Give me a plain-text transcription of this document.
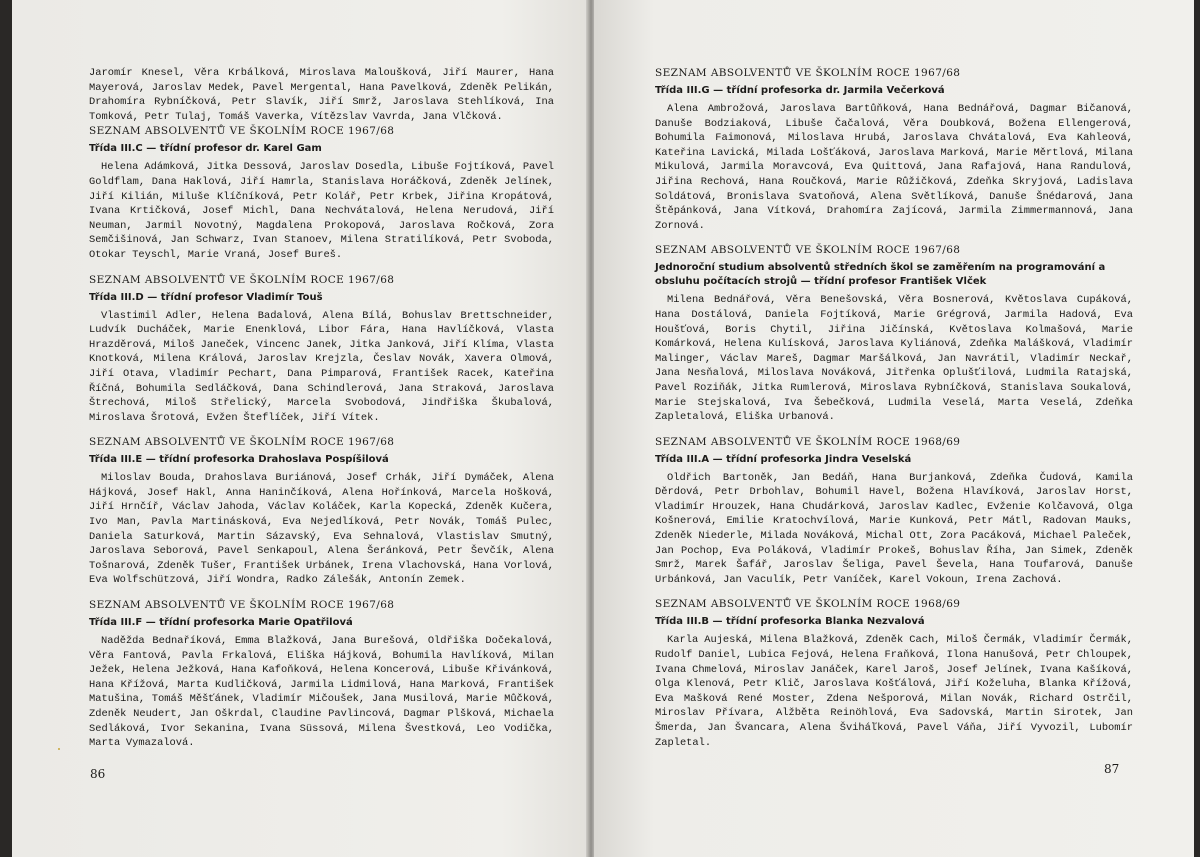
Jaromír Knesel, Věra Krbálková, Miroslava Maloušková, Jiří Maurer, Hana Mayerová, Jaroslav Medek, Pavel Mergental, Hana Pavelková, Zdeněk Pelikán, Drahomíra Rybníčková, Petr Slavík, Jiří Smrž, Jaroslava Stehlíková, Ina Tomková, Petr Tulaj, Tomáš Vaverka, Vítězslav Vavrda, Jana Vlčková.

SEZNAM ABSOLVENTŮ VE ŠKOLNÍM ROCE 1967/68

Třída III.C — třídní profesor dr. Karel Gam

Helena Adámková, Jitka Dessová, Jaroslav Dosedla, Libuše Fojtíková, Pavel Goldflam, Dana Haklová, Jiří Hamrla, Stanislava Horáčková, Zdeněk Jelínek, Jiří Kilián, Miluše Klíčníková, Petr Kolář, Petr Krbek, Jiřina Kropátová, Ivana Krtičková, Josef Michl, Dana Nechvátalová, Helena Nerudová, Jiří Neuman, Jarmil Novotný, Magdalena Prokopová, Jaroslava Ročková, Zora Semčišinová, Jan Schwarz, Ivan Stanoev, Milena Stratilíková, Petr Svoboda, Otokar Teyschl, Marie Vraná, Josef Bureš.

SEZNAM ABSOLVENTŮ VE ŠKOLNÍM ROCE 1967/68

Třída III.D — třídní profesor Vladimír Touš

Vlastimil Adler, Helena Badalová, Alena Bílá, Bohuslav Brettschneider, Ludvík Ducháček, Marie Enenklová, Libor Fára, Hana Havlíčková, Vlasta Hrazděrová, Miloš Janeček, Vincenc Janek, Jitka Janková, Jiří Klíma, Vlasta Knotková, Milena Králová, Jaroslav Krejzla, Česlav Novák, Xavera Olmová, Jiří Otava, Vladimír Pechart, Dana Pimparová, František Racek, Kateřina Říčná, Bohumila Sedláčková, Dana Schindlerová, Jana Straková, Jaroslava Štrechová, Miloš Střelický, Marcela Svobodová, Jindřiška Škubalová, Miroslava Šrotová, Evžen Šteflíček, Jiří Vítek.

SEZNAM ABSOLVENTŮ VE ŠKOLNÍM ROCE 1967/68

Třída III.E — třídní profesorka Drahoslava Pospíšilová

Miloslav Bouda, Drahoslava Buriánová, Josef Crhák, Jiří Dymáček, Alena Hájková, Josef Hakl, Anna Haninčíková, Alena Hořínková, Marcela Hošková, Jiří Hrnčíř, Václav Jahoda, Václav Koláček, Karla Kopecká, Zdeněk Kučera, Ivo Man, Pavla Martinásková, Eva Nejedlíková, Petr Novák, Tomáš Pulec, Daniela Saturková, Martin Sázavský, Eva Sehnalová, Vlastislav Smutný, Jaroslava Seborová, Pavel Senkapoul, Alena Šeránková, Petr Ševčík, Alena Tošnarová, Zdeněk Tušer, František Urbánek, Irena Vlachovská, Hana Vorlová, Eva Wolfschützová, Jiří Wondra, Radko Zálešák, Antonín Zemek.

SEZNAM ABSOLVENTŮ VE ŠKOLNÍM ROCE 1967/68

Třída III.F — třídní profesorka Marie Opatřilová

Naděžda Bednaříková, Emma Blažková, Jana Burešová, Oldřiška Dočekalová, Věra Fantová, Pavla Frkalová, Eliška Hájková, Bohumila Havlíková, Milan Ježek, Helena Ježková, Hana Kafoňková, Helena Koncerová, Libuše Křivánková, Hana Křížová, Marta Kudličková, Jarmila Lidmilová, Hana Marková, František Matušina, Tomáš Měšťánek, Vladimír Mičoušek, Jana Musilová, Marie Můčková, Zdeněk Neudert, Jan Oškrdal, Claudine Pavlincová, Dagmar Plšková, Michaela Sedláková, Ivor Sekanina, Ivana Süssová, Milena Švestková, Leo Vodička, Marta Vymazalová.

86

SEZNAM ABSOLVENTŮ VE ŠKOLNÍM ROCE 1967/68

Třída III.G — třídní profesorka dr. Jarmila Večerková

Alena Ambrožová, Jaroslava Bartůňková, Hana Bednářová, Dagmar Bičanová, Danuše Bodziaková, Libuše Čačalová, Věra Doubková, Božena Ellengerová, Bohumila Faimonová, Miloslava Hrubá, Jaroslava Chvátalová, Eva Kahleová, Kateřina Lavická, Milada Lošťáková, Jaroslava Marková, Marie Měrtlová, Milana Mikulová, Jarmila Moravcová, Eva Quittová, Jana Rafajová, Hana Randulová, Jiřina Rechová, Hana Roučková, Marie Růžičková, Zdeňka Skryjová, Ladislava Soldátová, Bronislava Svatoňová, Alena Světlíková, Danuše Šnédarová, Jana Štěpánková, Jana Vítková, Drahomíra Zajícová, Jarmila Zimmermannová, Jana Zornová.

SEZNAM ABSOLVENTŮ VE ŠKOLNÍM ROCE 1967/68

Jednoroční studium absolventů středních škol se zaměřením na programování a obsluhu počítacích strojů — třídní profesor František Vlček

Milena Bednářová, Věra Benešovská, Věra Bosnerová, Květoslava Cupáková, Hana Dostálová, Daniela Fojtíková, Marie Grégrová, Jarmila Hadová, Eva Houšťová, Boris Chytil, Jiřina Jičínská, Květoslava Kolmašová, Marie Komárková, Helena Kulísková, Jaroslava Kyliánová, Zdeňka Malášková, Vladimír Malinger, Václav Mareš, Dagmar Maršálková, Jan Navrátil, Vladimír Neckař, Jana Nesňalová, Miloslava Nováková, Jitřenka Oplušťilová, Ludmila Ratajská, Pavel Roziňák, Jitka Rumlerová, Miroslava Rybníčková, Stanislava Soukalová, Marie Stejskalová, Iva Šebečková, Ludmila Veselá, Marta Veselá, Zdeňka Zapletalová, Eliška Urbanová.

SEZNAM ABSOLVENTŮ VE ŠKOLNÍM ROCE 1968/69

Třída III.A — třídní profesorka Jindra Veselská

Oldřich Bartoněk, Jan Bedáň, Hana Burjanková, Zdeňka Čudová, Kamila Děrdová, Petr Drbohlav, Bohumil Havel, Božena Hlavíková, Jaroslav Horst, Vladimír Hrouzek, Hana Chudárková, Jaroslav Kadlec, Evženie Kolčavová, Olga Košnerová, Emilie Kratochvílová, Marie Kunková, Petr Mátl, Radovan Mauks, Zdeněk Niederle, Milada Nováková, Michal Ott, Zora Pacáková, Michael Paleček, Jan Pochop, Eva Poláková, Vladimír Prokeš, Bohuslav Říha, Jan Simek, Zdeněk Smrž, Marek Šafář, Jaroslav Šeliga, Pavel Ševela, Hana Toufarová, Danuše Urbánková, Jan Vaculík, Petr Vaníček, Karel Vokoun, Irena Zachová.

SEZNAM ABSOLVENTŮ VE ŠKOLNÍM ROCE 1968/69

Třída III.B — třídní profesorka Blanka Nezvalová

Karla Aujeská, Milena Blažková, Zdeněk Cach, Miloš Čermák, Vladimír Čermák, Rudolf Daniel, Lubica Fejová, Helena Fraňková, Ilona Hanušová, Petr Chloupek, Ivana Chmelová, Miroslav Janáček, Karel Jaroš, Josef Jelínek, Ivana Kašíková, Olga Klenová, Petr Klič, Jaroslava Košťálová, Jiří Koželuha, Blanka Křížová, Eva Mašková René Moster, Zdena Nešporová, Milan Novák, Richard Ostrčil, Miroslav Přívara, Alžběta Reinöhlová, Eva Sadovská, Martin Sirotek, Jan Šmerda, Jan Švancara, Alena Šviháľková, Pavel Váňa, Jiří Vyvozil, Lubomír Zapletal.

87
